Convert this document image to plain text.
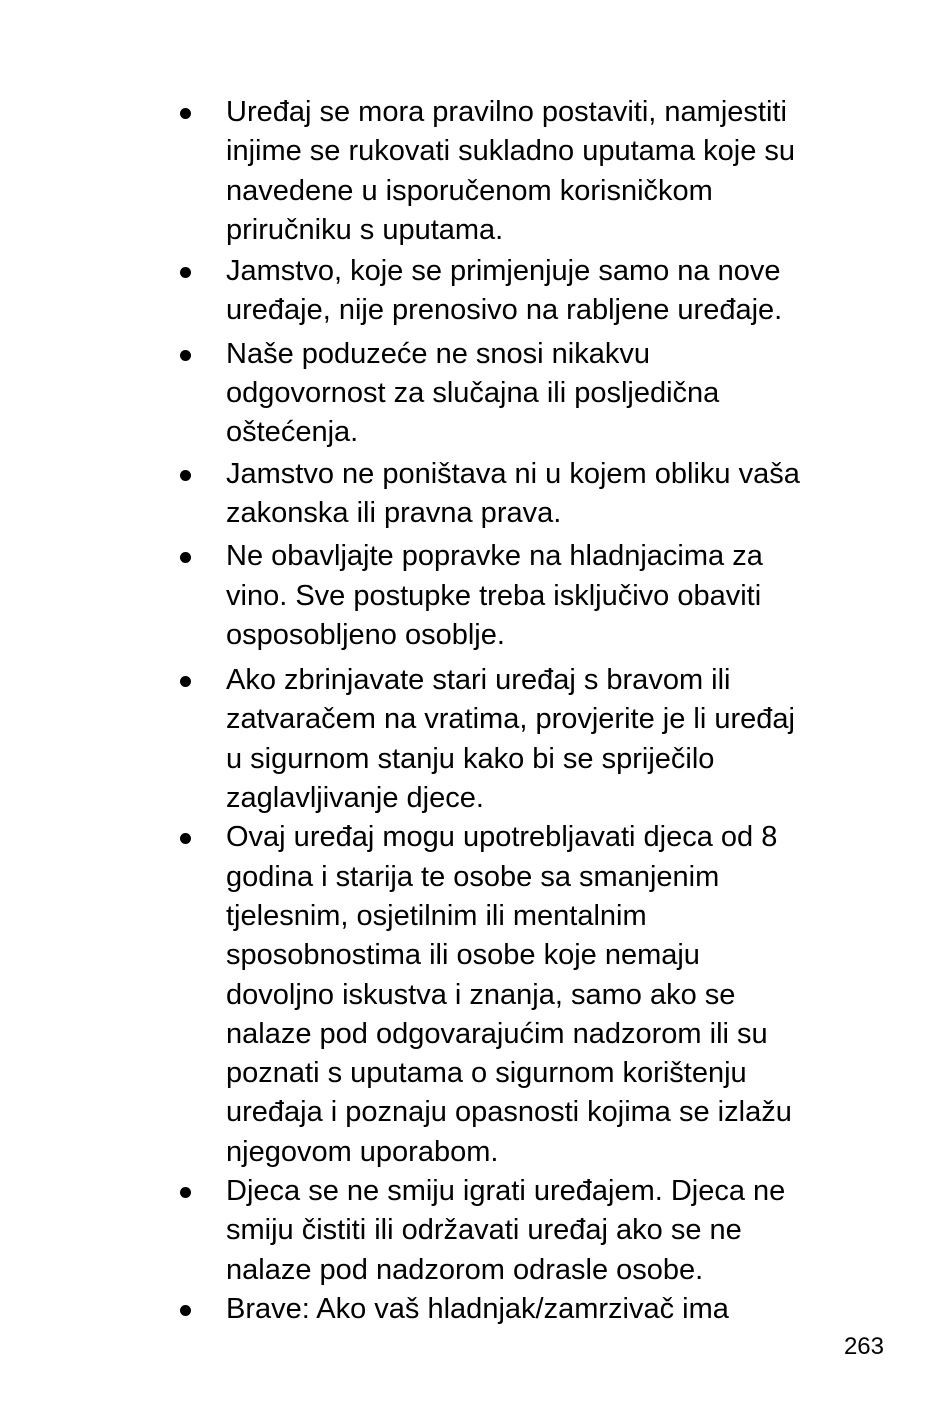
Uređaj se mora pravilno postaviti, namjestiti
injime se rukovati sukladno uputama koje su
navedene u isporučenom korisničkom
priručniku s uputama.
Jamstvo, koje se primjenjuje samo na nove
uređaje, nije prenosivo na rabljene uređaje.
Naše poduzeće ne snosi nikakvu
odgovornost za slučajna ili posljedična
oštećenja.
Jamstvo ne poništava ni u kojem obliku vaša
zakonska ili pravna prava.
Ne obavljajte popravke na hladnjacima za
vino. Sve postupke treba isključivo obaviti
osposobljeno osoblje.
Ako zbrinjavate stari uređaj s bravom ili
zatvaračem na vratima, provjerite je li uređaj
u sigurnom stanju kako bi se spriječilo
zaglavljivanje djece.
Ovaj uređaj mogu upotrebljavati djeca od 8
godina i starija te osobe sa smanjenim
tjelesnim, osjetilnim ili mentalnim
sposobnostima ili osobe koje nemaju
dovoljno iskustva i znanja, samo ako se
nalaze pod odgovarajućim nadzorom ili su
poznati s uputama o sigurnom korištenju
uređaja i poznaju opasnosti kojima se izlažu
njegovom uporabom.
Djeca se ne smiju igrati uređajem. Djeca ne
smiju čistiti ili održavati uređaj ako se ne
nalaze pod nadzorom odrasle osobe.
Brave: Ako vaš hladnjak/zamrzivač ima
263
